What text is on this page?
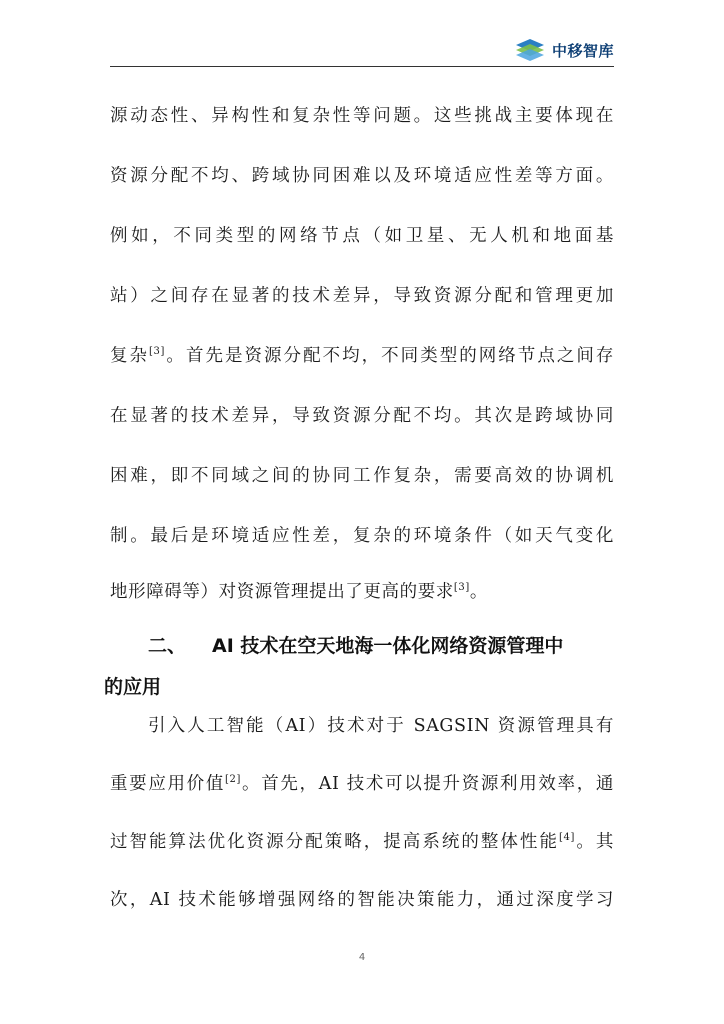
中移智库
源动态性、异构性和复杂性等问题。这些挑战主要体现在
资源分配不均、跨域协同困难以及环境适应性差等方面。
例如，不同类型的网络节点（如卫星、无人机和地面基
站）之间存在显著的技术差异，导致资源分配和管理更加
复杂[3]。首先是资源分配不均，不同类型的网络节点之间存
在显著的技术差异，导致资源分配不均。其次是跨域协同
困难，即不同域之间的协同工作复杂，需要高效的协调机
制。最后是环境适应性差，复杂的环境条件（如天气变化
地形障碍等）对资源管理提出了更高的要求[3]。
二、 AI 技术在空天地海一体化网络资源管理中
的应用
引入人工智能（AI）技术对于 SAGSIN 资源管理具有
重要应用价值[2]。首先，AI 技术可以提升资源利用效率，通
过智能算法优化资源分配策略，提高系统的整体性能[4]。其
次，AI 技术能够增强网络的智能决策能力，通过深度学习
4
